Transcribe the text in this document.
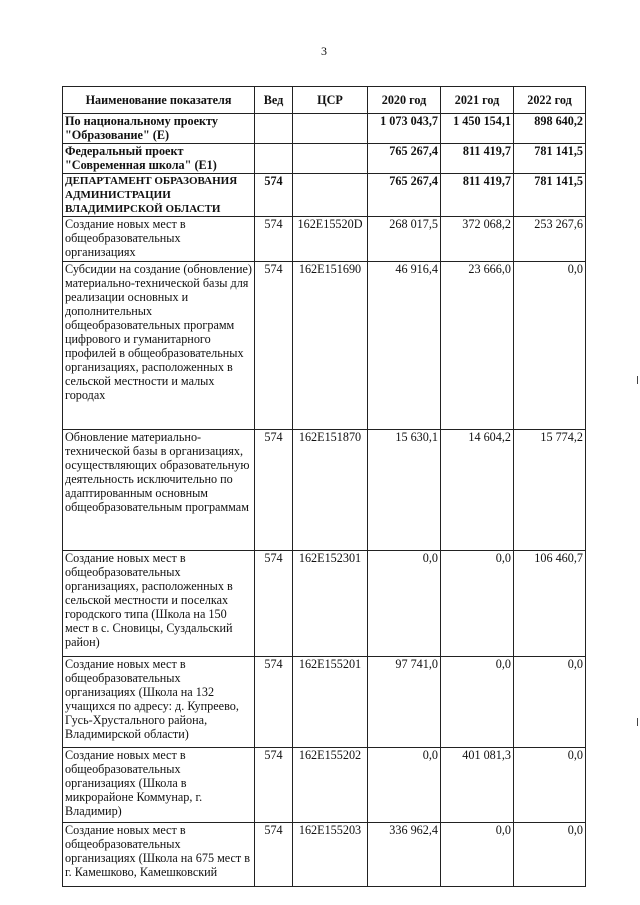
3
Наименование показателя	Вед	ЦСР	2020 год	2021 год	2022 год
По национальному проекту "Образование" (Е)			1 073 043,7	1 450 154,1	898 640,2
Федеральный проект "Современная школа" (Е1)			765 267,4	811 419,7	781 141,5
ДЕПАРТАМЕНТ ОБРАЗОВАНИЯ АДМИНИСТРАЦИИ ВЛАДИМИРСКОЙ ОБЛАСТИ	574		765 267,4	811 419,7	781 141,5
Создание новых мест в общеобразовательных организациях	574	162E15520D	268 017,5	372 068,2	253 267,6
Субсидии на создание (обновление) материально-технической базы для реализации основных и дополнительных общеобразовательных программ цифрового и гуманитарного профилей в общеобразовательных организациях, расположенных в сельской местности и малых городах	574	162E151690	46 916,4	23 666,0	0,0
Обновление материально-технической базы в организациях, осуществляющих образовательную деятельность исключительно по адаптированным основным общеобразовательным программам	574	162E151870	15 630,1	14 604,2	15 774,2
Создание новых мест в общеобразовательных организациях, расположенных в сельской местности и поселках городского типа (Школа на 150 мест в с. Сновицы, Суздальский район)	574	162E152301	0,0	0,0	106 460,7
Создание новых мест в общеобразовательных организациях (Школа на 132 учащихся по адресу: д. Купреево, Гусь-Хрустального района, Владимирской области)	574	162E155201	97 741,0	0,0	0,0
Создание новых мест в общеобразовательных организациях (Школа в микрорайоне Коммунар, г. Владимир)	574	162E155202	0,0	401 081,3	0,0
Создание новых мест в общеобразовательных организациях (Школа на 675 мест в г. Камешково, Камешковский	574	162E155203	336 962,4	0,0	0,0
